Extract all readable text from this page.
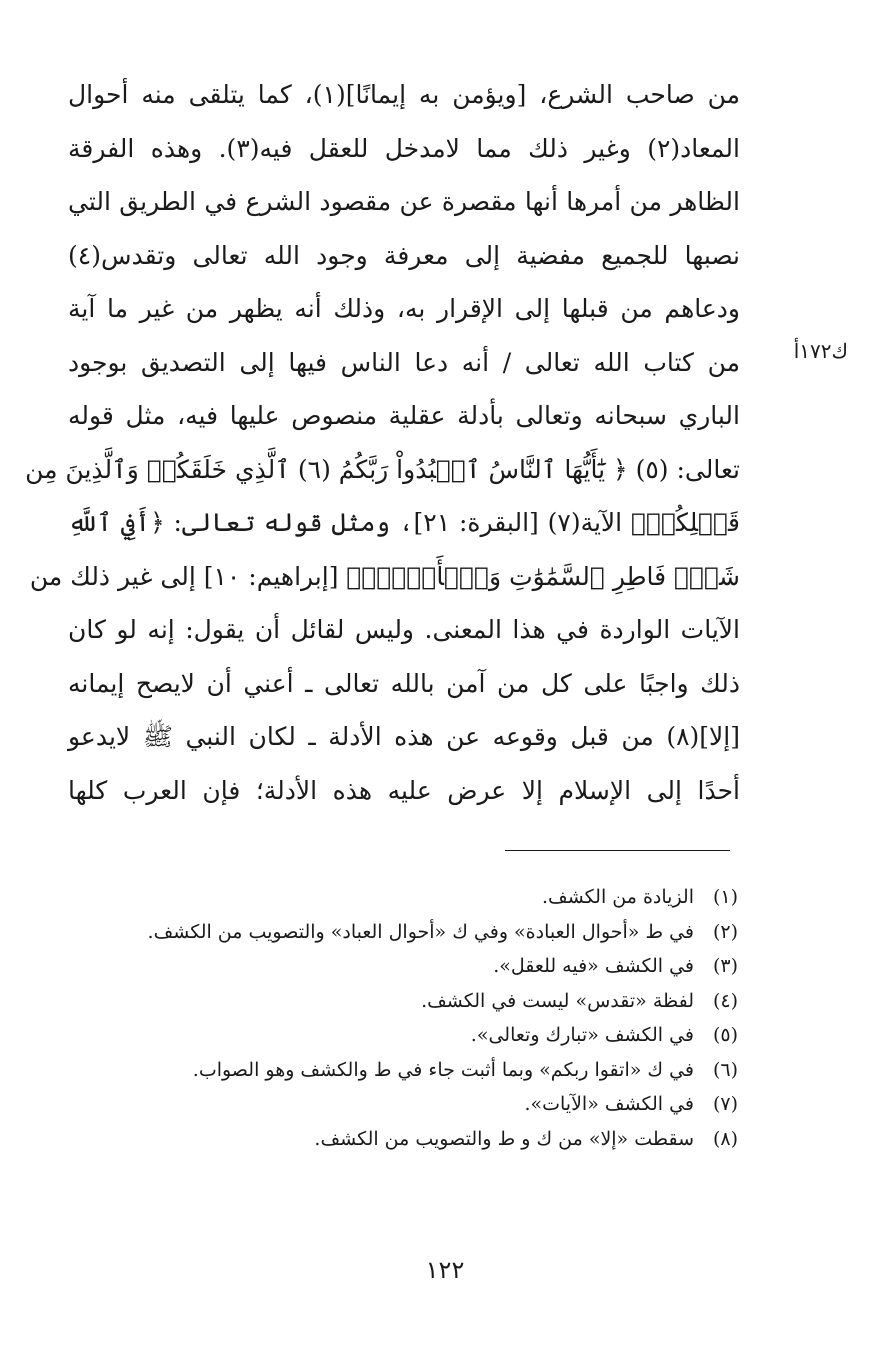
من صاحب الشرع، [ويؤمن به إيمانًا](١)، كما يتلقى منه أحوال
المعاد(٢) وغير ذلك مما لامدخل للعقل فيه(٣). وهذه الفرقة
الظاهر من أمرها أنها مقصرة عن مقصود الشرع في الطريق التي
نصبها للجميع مفضية إلى معرفة وجود الله تعالى وتقدس(٤)
ودعاهم من قبلها إلى الإقرار به، وذلك أنه يظهر من غير ما آية
من كتاب الله تعالى / أنه دعا الناس فيها إلى التصديق بوجود
الباري سبحانه وتعالى بأدلة عقلية منصوص عليها فيه، مثل قوله
تعالى: (٥) ﴿ يَٰٓأَيُّهَا ٱلنَّاسُ ٱعۡبُدُواْ رَبَّكُمُ (٦) ٱلَّذِي خَلَقَكُمۡ وَٱلَّذِينَ مِن
قَبۡلِكُمۡ﴾ الآية(٧) [البقرة: ٢١]، ومثل قوله تعالى: ﴿أَفِي ٱللَّهِ
شَكّٞ فَاطِرِ ٱلسَّمَٰوَٰتِ وَٱلۡأَرۡضِۖ﴾ [إبراهيم: ١٠] إلى غير ذلك من
الآيات الواردة في هذا المعنى. وليس لقائل أن يقول: إنه لو كان
ذلك واجبًا على كل من آمن بالله تعالى ـ أعني أن لايصح إيمانه
[إلا](٨) من قبل وقوعه عن هذه الأدلة ـ لكان النبي ﷺ لايدعو
أحدًا إلى الإسلام إلا عرض عليه هذه الأدلة؛ فإن العرب كلها
ك١٧٢أ
(١)
الزيادة من الكشف.
(٢)
في ط «أحوال العبادة» وفي ك «أحوال العباد» والتصويب من الكشف.
(٣)
في الكشف «فيه للعقل».
(٤)
لفظة «تقدس» ليست في الكشف.
(٥)
في الكشف «تبارك وتعالى».
(٦)
في ك «اتقوا ربكم» وبما أثبت جاء في ط والكشف وهو الصواب.
(٧)
في الكشف «الآيات».
(٨)
سقطت «إلا» من ك و ط والتصويب من الكشف.
١٢٢
